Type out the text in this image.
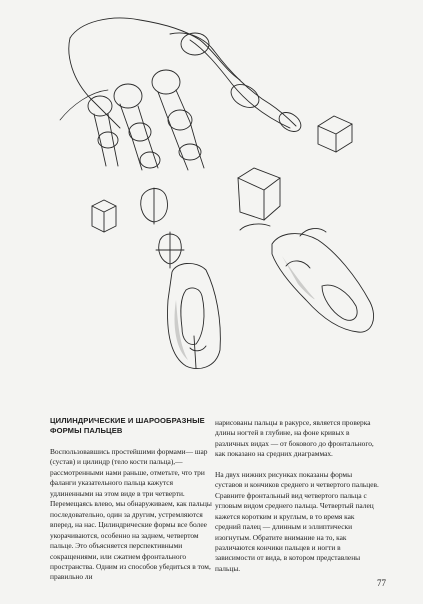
ЦИЛИНДРИЧЕСКИЕ И ШАРООБРАЗНЫЕ ФОРМЫ ПАЛЬЦЕВ

Воспользовавшись простейшими формами— шар (сустав) и цилиндр (тело кости пальца),— рассмотренными нами раньше, отметьте, что три фаланги указательного пальца кажутся удлиненными на этом виде в три четверти. Перемещаясь влево, мы обнаруживаем, как пальцы последовательно, один за другим, устремляются вперед, на нас. Цилиндрические формы все более укорачиваются, особенно на заднем, четвертом пальце. Это объясняется перспективными сокращениями, или сжатием фронтального пространства. Одним из способов убедиться в том, правильно ли

нарисованы пальцы в ракурсе, является проверка длины ногтей в глубине, на фоне кривых в различных видах — от бокового до фронтального, как показано на средних диаграммах.

На двух нижних рисунках показаны формы суставов и кончиков среднего и четвертого пальцев. Сравните фронтальный вид четвертого пальца с угловым видом среднего пальца. Четвертый палец кажется коротким и круглым, в то время как средний палец — длинным и эллиптически изогнутым. Обратите внимание на то, как различаются кончики пальцев и ногти в зависимости от вида, в котором представлены пальцы.

77
